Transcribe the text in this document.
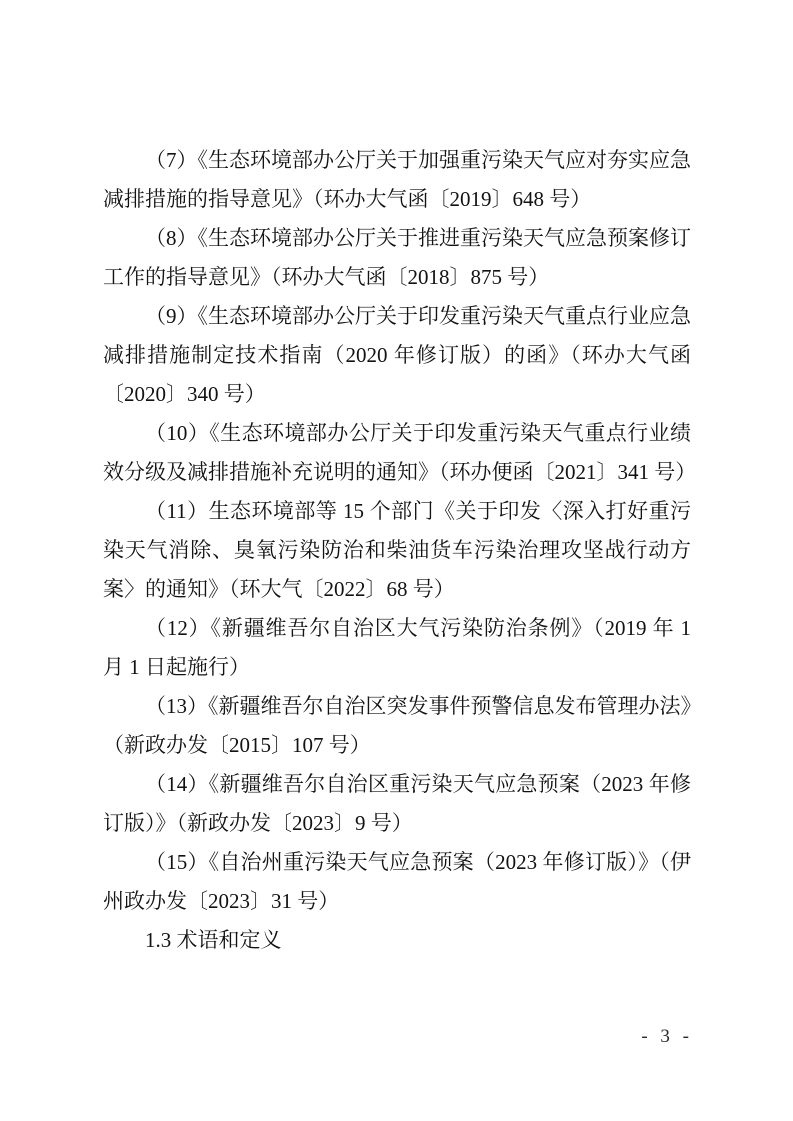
（7）《生态环境部办公厅关于加强重污染天气应对夯实应急减排措施的指导意见》（环办大气函〔2019〕648 号）

（8）《生态环境部办公厅关于推进重污染天气应急预案修订工作的指导意见》（环办大气函〔2018〕875 号）

（9）《生态环境部办公厅关于印发重污染天气重点行业应急减排措施制定技术指南（2020 年修订版）的函》（环办大气函〔2020〕340 号）

（10）《生态环境部办公厅关于印发重污染天气重点行业绩效分级及减排措施补充说明的通知》（环办便函〔2021〕341 号）

（11）生态环境部等 15 个部门《关于印发〈深入打好重污染天气消除、臭氧污染防治和柴油货车污染治理攻坚战行动方案〉的通知》（环大气〔2022〕68 号）

（12）《新疆维吾尔自治区大气污染防治条例》（2019 年 1 月 1 日起施行）

（13）《新疆维吾尔自治区突发事件预警信息发布管理办法》（新政办发〔2015〕107 号）

（14）《新疆维吾尔自治区重污染天气应急预案（2023 年修订版）》（新政办发〔2023〕9 号）

（15）《自治州重污染天气应急预案（2023 年修订版）》（伊州政办发〔2023〕31 号）

1.3 术语和定义
- 3 -
